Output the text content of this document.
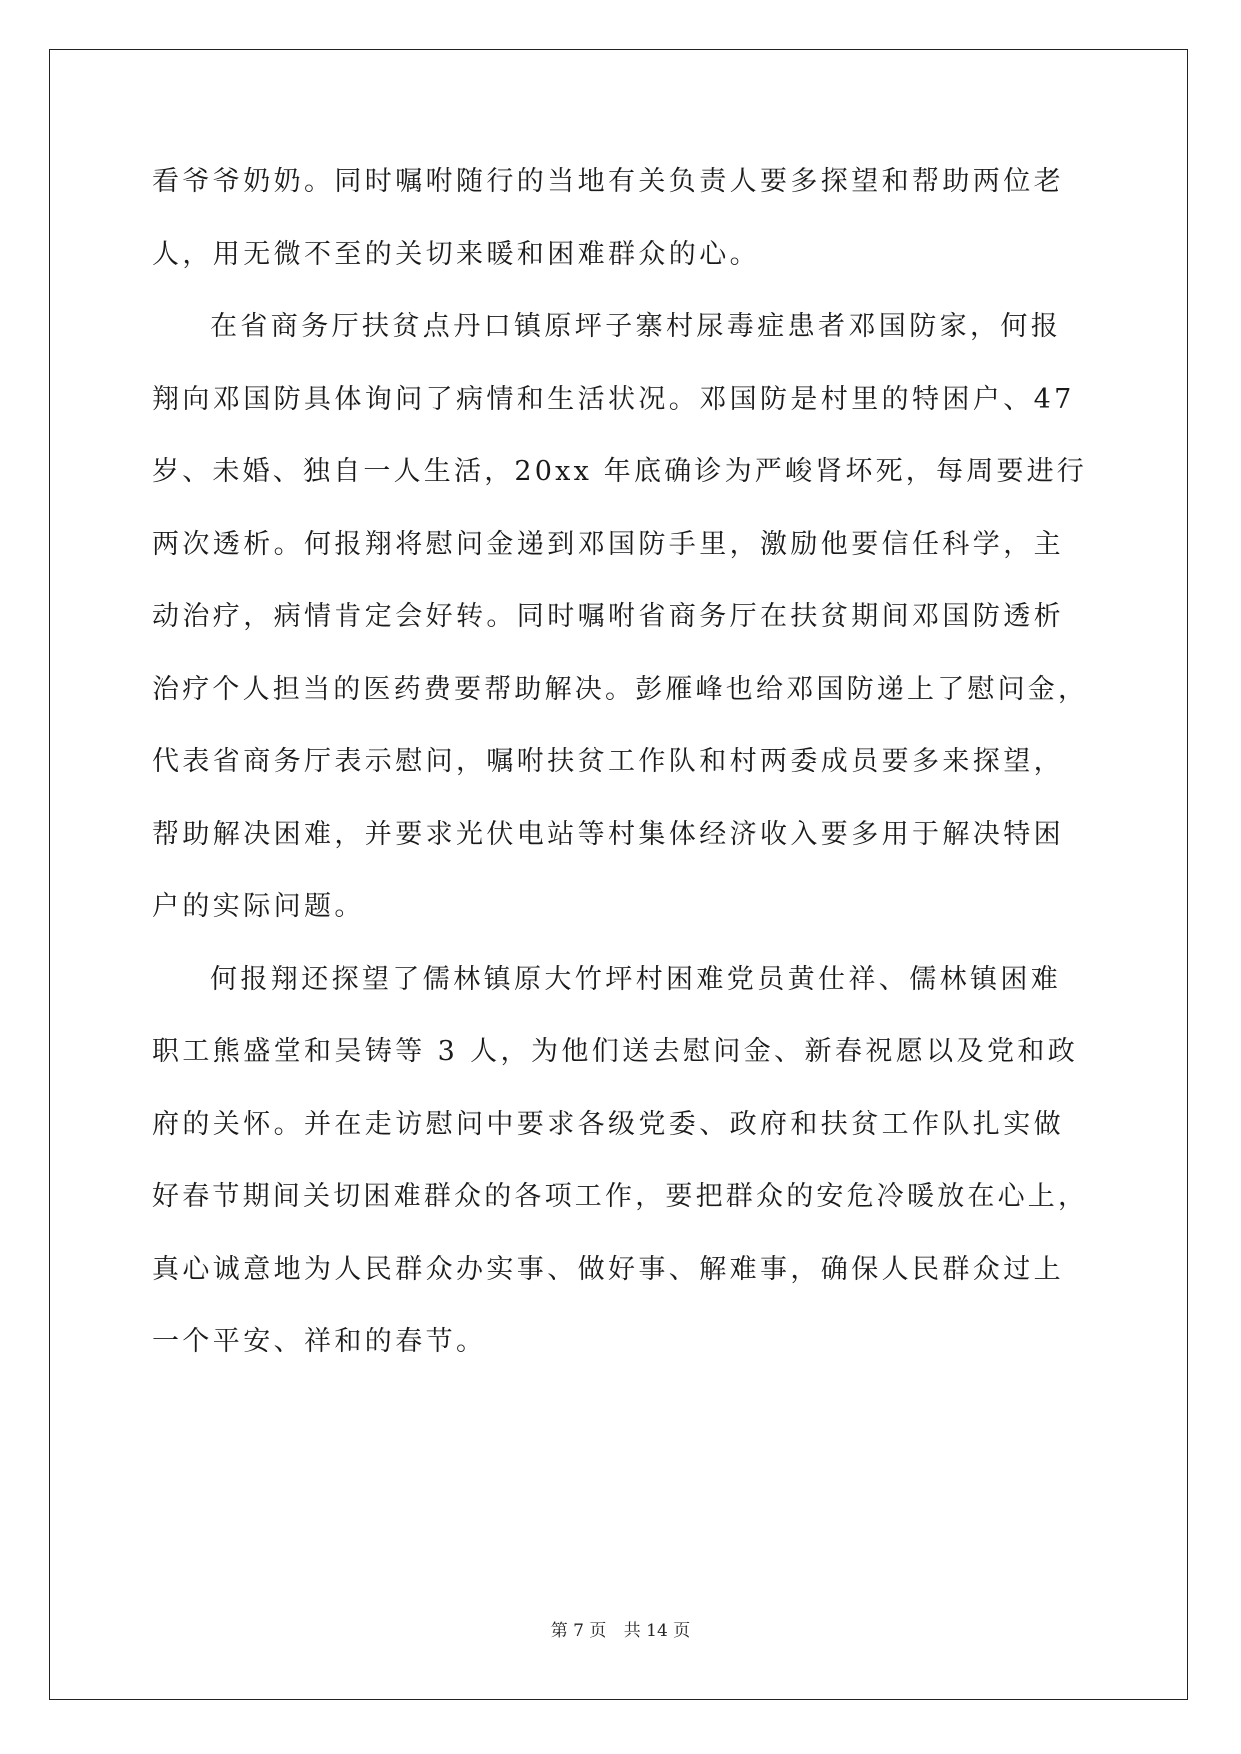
看爷爷奶奶。同时嘱咐随行的当地有关负责人要多探望和帮助两位老
人，用无微不至的关切来暖和困难群众的心。
在省商务厅扶贫点丹口镇原坪子寨村尿毒症患者邓国防家，何报
翔向邓国防具体询问了病情和生活状况。邓国防是村里的特困户、47
岁、未婚、独自一人生活，20xx 年底确诊为严峻肾坏死，每周要进行
两次透析。何报翔将慰问金递到邓国防手里，激励他要信任科学，主
动治疗，病情肯定会好转。同时嘱咐省商务厅在扶贫期间邓国防透析
治疗个人担当的医药费要帮助解决。彭雁峰也给邓国防递上了慰问金，
代表省商务厅表示慰问，嘱咐扶贫工作队和村两委成员要多来探望，
帮助解决困难，并要求光伏电站等村集体经济收入要多用于解决特困
户的实际问题。
何报翔还探望了儒林镇原大竹坪村困难党员黄仕祥、儒林镇困难
职工熊盛堂和吴铸等 3 人，为他们送去慰问金、新春祝愿以及党和政
府的关怀。并在走访慰问中要求各级党委、政府和扶贫工作队扎实做
好春节期间关切困难群众的各项工作，要把群众的安危冷暖放在心上，
真心诚意地为人民群众办实事、做好事、解难事，确保人民群众过上
一个平安、祥和的春节。
第 7 页 共 14 页
